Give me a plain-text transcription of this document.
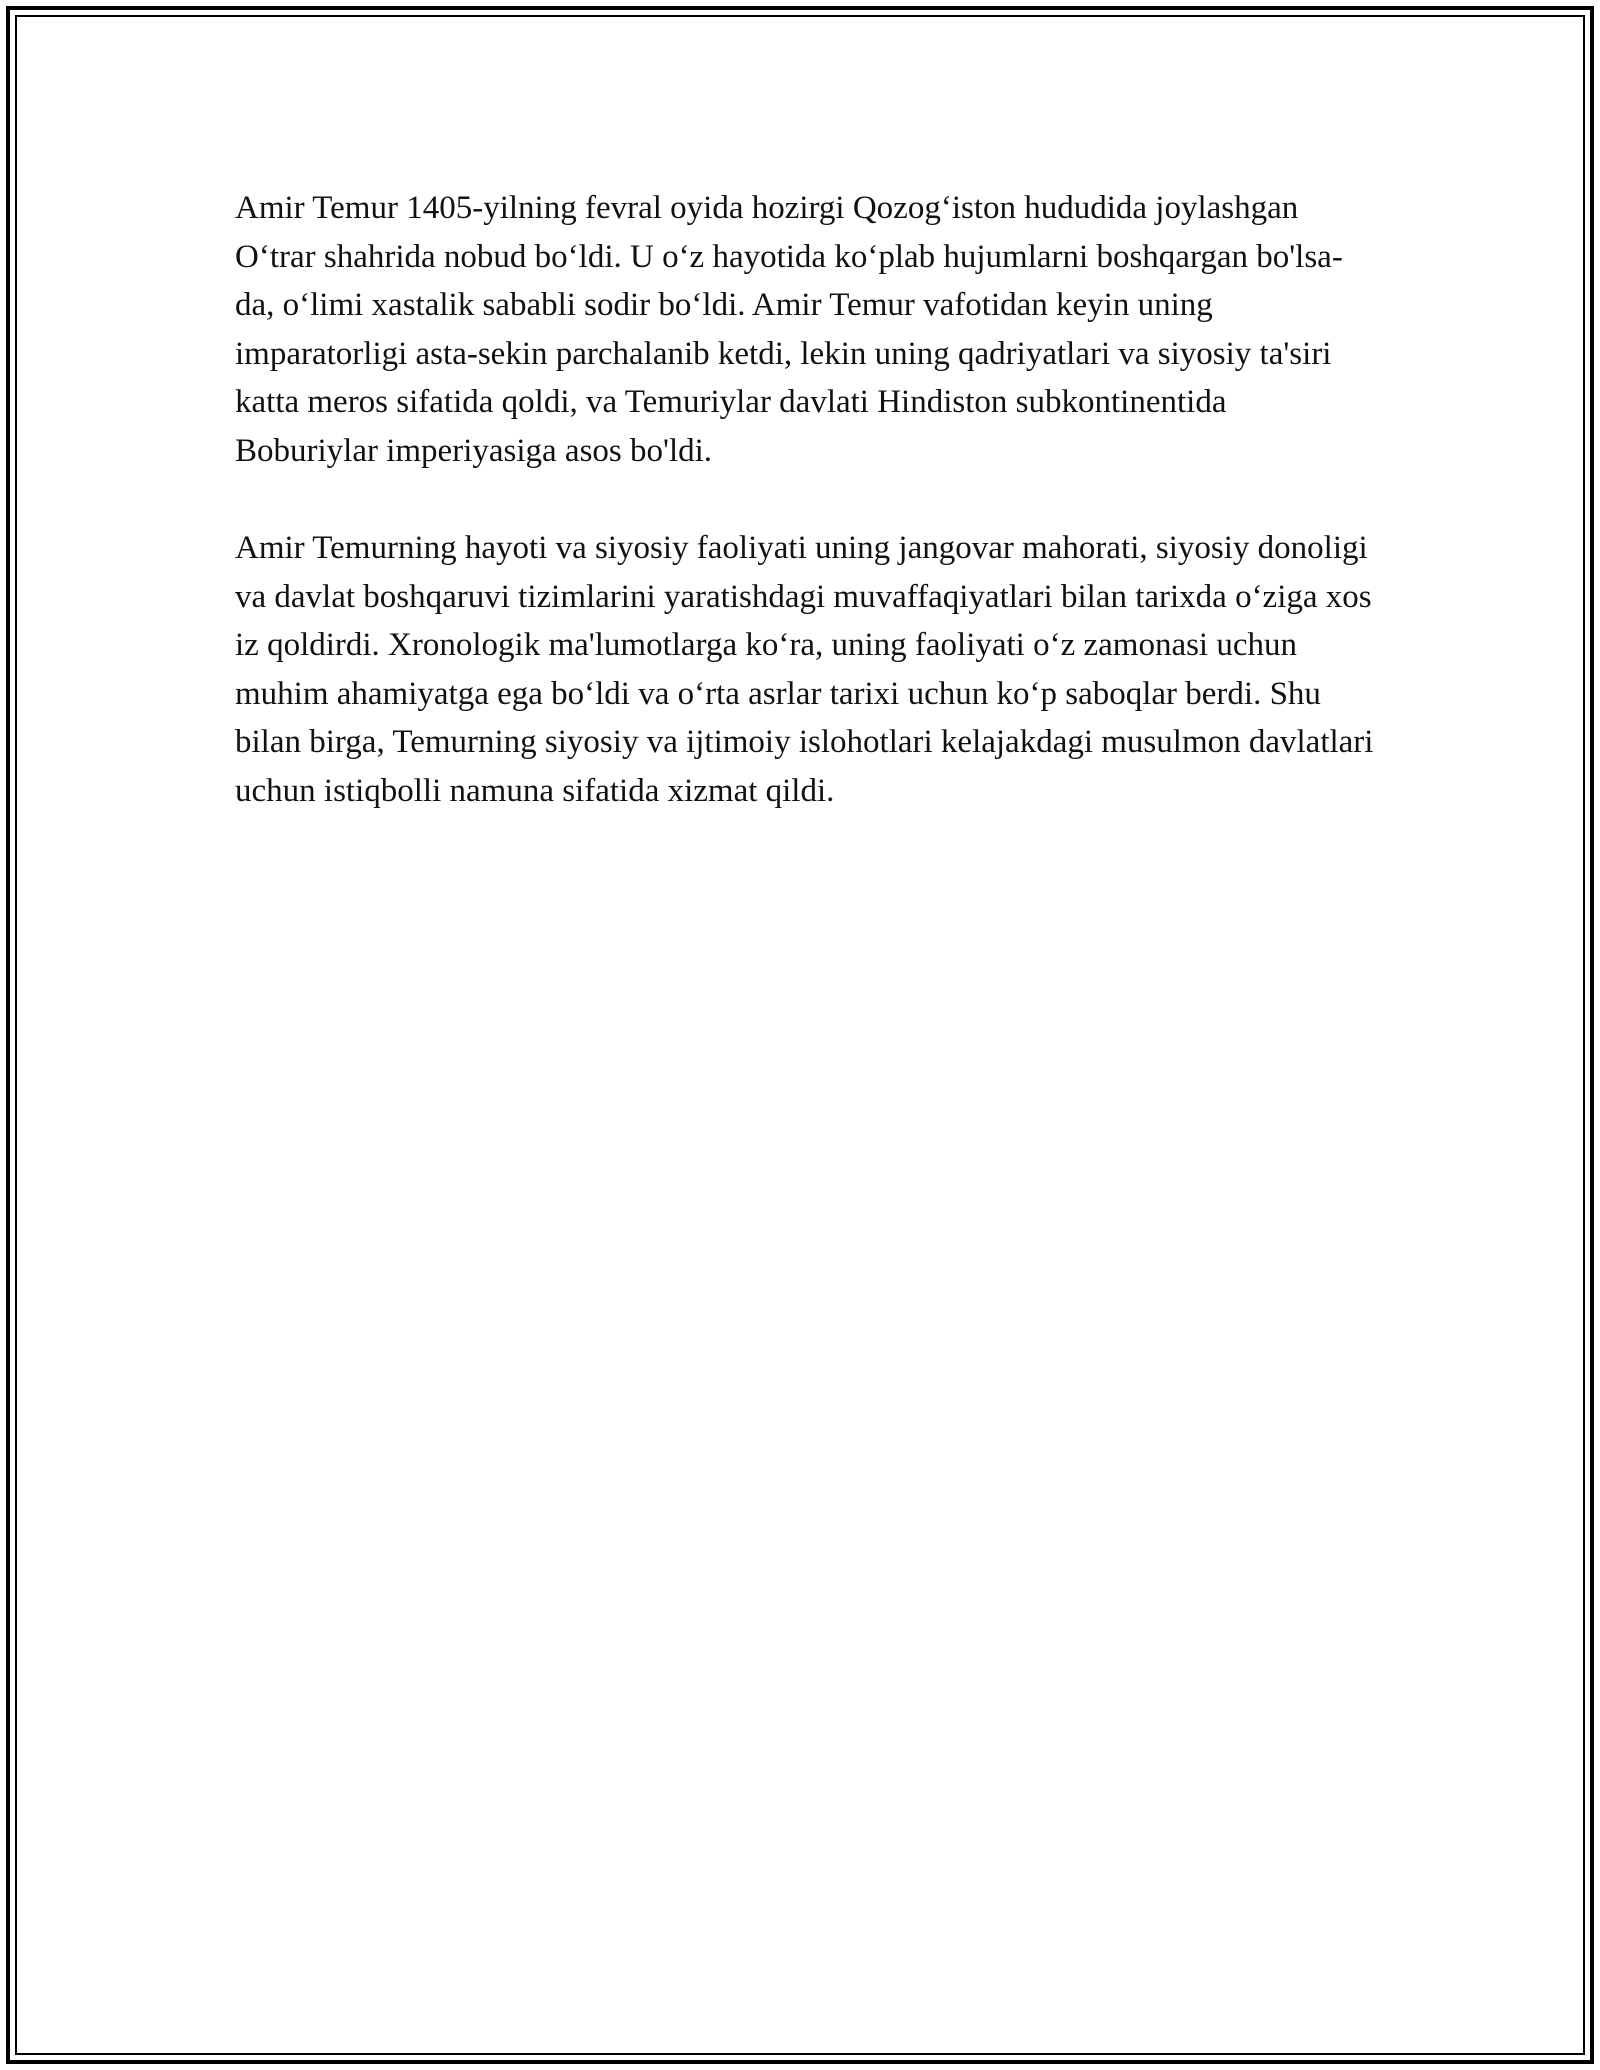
Amir Temur 1405-yilning fevral oyida hozirgi Qozogʻiston hududida joylashgan Oʻtrar shahrida nobud boʻldi. U oʻz hayotida koʻplab hujumlarni boshqargan bo'lsa-da, oʻlimi xastalik sababli sodir boʻldi. Amir Temur vafotidan keyin uning imparatorligi asta-sekin parchalanib ketdi, lekin uning qadriyatlari va siyosiy ta'siri katta meros sifatida qoldi, va Temuriylar davlati Hindiston subkontinentida Boburiylar imperiyasiga asos bo'ldi.

Amir Temurning hayoti va siyosiy faoliyati uning jangovar mahorati, siyosiy donoligi va davlat boshqaruvi tizimlarini yaratishdagi muvaffaqiyatlari bilan tarixda oʻziga xos iz qoldirdi. Xronologik ma'lumotlarga koʻra, uning faoliyati oʻz zamonasi uchun muhim ahamiyatga ega boʻldi va oʻrta asrlar tarixi uchun koʻp saboqlar berdi. Shu bilan birga, Temurning siyosiy va ijtimoiy islohotlari kelajakdagi musulmon davlatlari uchun istiqbolli namuna sifatida xizmat qildi.
